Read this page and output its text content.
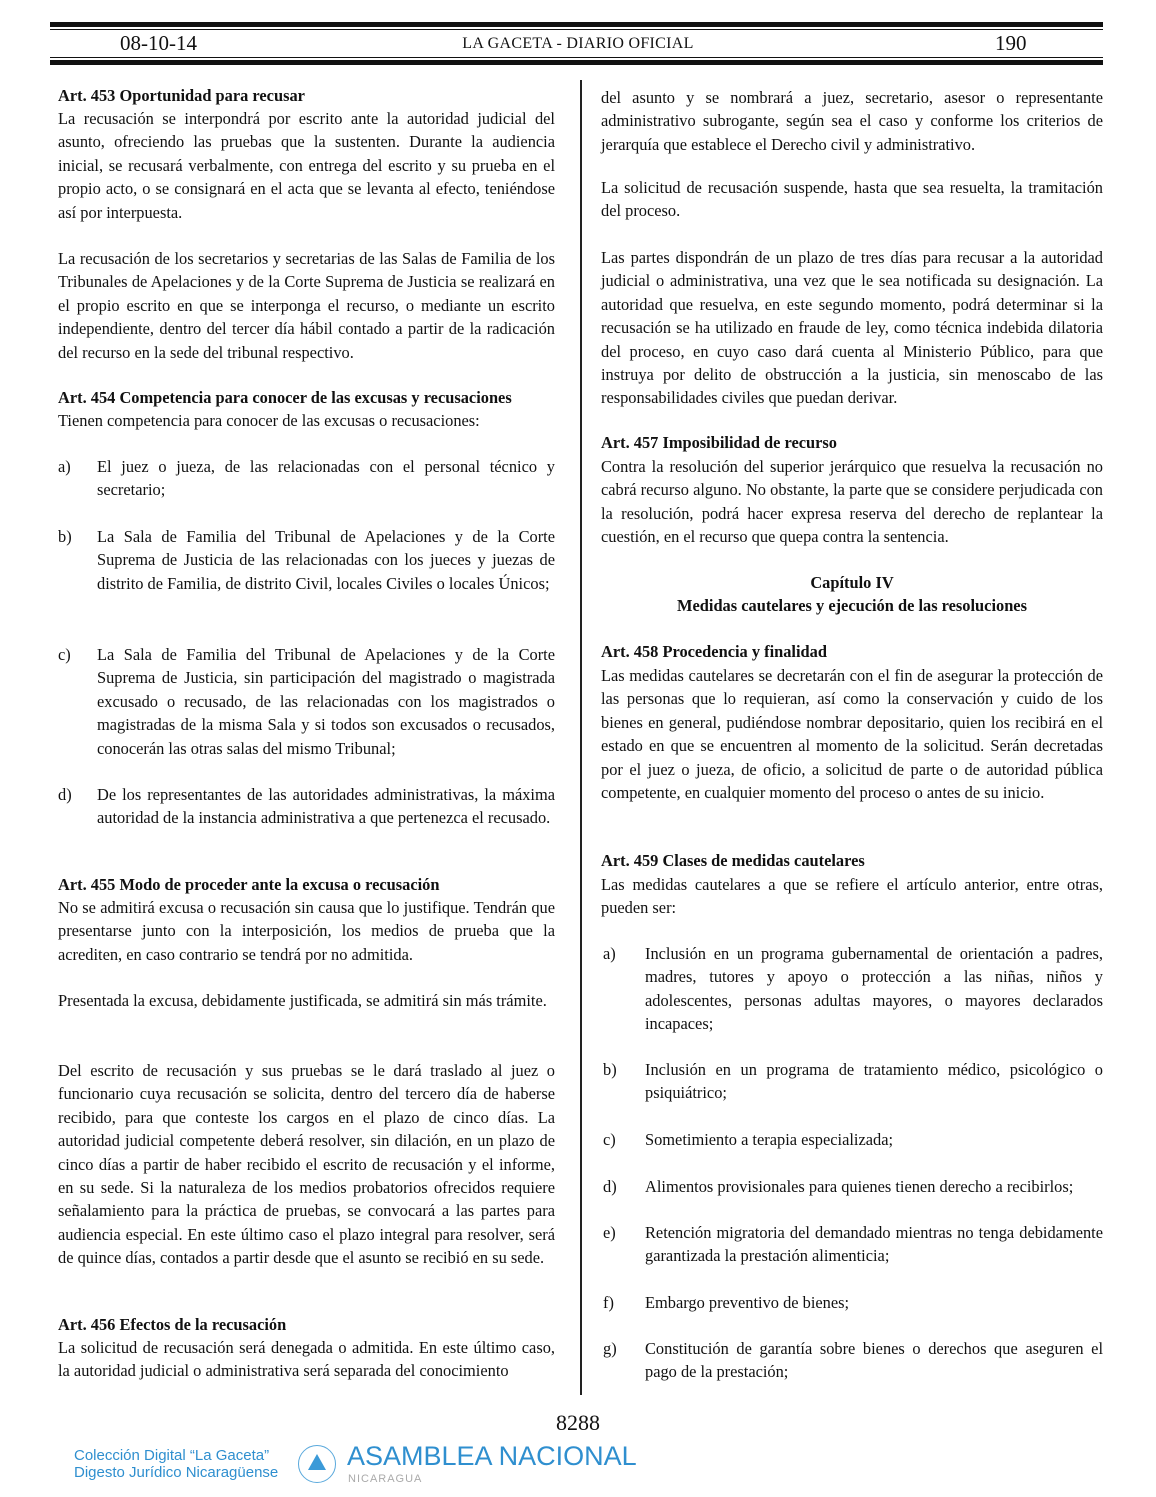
08-10-14	LA GACETA - DIARIO OFICIAL	190
Art. 453 Oportunidad para recusar
La recusación se interpondrá por escrito ante la autoridad judicial del asunto, ofreciendo las pruebas que la sustenten. Durante la audiencia inicial, se recusará verbalmente, con entrega del escrito y su prueba en el propio acto, o se consignará en el acta que se levanta al efecto, teniéndose así por interpuesta.
La recusación de los secretarios y secretarias de las Salas de Familia de los Tribunales de Apelaciones y de la Corte Suprema de Justicia se realizará en el propio escrito en que se interponga el recurso, o mediante un escrito independiente, dentro del tercer día hábil contado a partir de la radicación del recurso en la sede del tribunal respectivo.
Art. 454 Competencia para conocer de las excusas y recusaciones
Tienen competencia para conocer de las excusas o recusaciones:
a) El juez o jueza, de las relacionadas con el personal técnico y secretario;
b) La Sala de Familia del Tribunal de Apelaciones y de la Corte Suprema de Justicia de las relacionadas con los jueces y juezas de distrito de Familia, de distrito Civil, locales Civiles o locales Únicos;
c) La Sala de Familia del Tribunal de Apelaciones y de la Corte Suprema de Justicia, sin participación del magistrado o magistrada excusado o recusado, de las relacionadas con los magistrados o magistradas de la misma Sala y si todos son excusados o recusados, conocerán las otras salas del mismo Tribunal;
d) De los representantes de las autoridades administrativas, la máxima autoridad de la instancia administrativa a que pertenezca el recusado.
Art. 455 Modo de proceder ante la excusa o recusación
No se admitirá excusa o recusación sin causa que lo justifique. Tendrán que presentarse junto con la interposición, los medios de prueba que la acrediten, en caso contrario se tendrá por no admitida.
Presentada la excusa, debidamente justificada, se admitirá sin más trámite.
Del escrito de recusación y sus pruebas se le dará traslado al juez o funcionario cuya recusación se solicita, dentro del tercero día de haberse recibido, para que conteste los cargos en el plazo de cinco días. La autoridad judicial competente deberá resolver, sin dilación, en un plazo de cinco días a partir de haber recibido el escrito de recusación y el informe, en su sede. Si la naturaleza de los medios probatorios ofrecidos requiere señalamiento para la práctica de pruebas, se convocará a las partes para audiencia especial. En este último caso el plazo integral para resolver, será de quince días, contados a partir desde que el asunto se recibió en su sede.
Art. 456 Efectos de la recusación
La solicitud de recusación será denegada o admitida. En este último caso, la autoridad judicial o administrativa será separada del conocimiento
del asunto y se nombrará a juez, secretario, asesor o representante administrativo subrogante, según sea el caso y conforme los criterios de jerarquía que establece el Derecho civil y administrativo.
La solicitud de recusación suspende, hasta que sea resuelta, la tramitación del proceso.
Las partes dispondrán de un plazo de tres días para recusar a la autoridad judicial o administrativa, una vez que le sea notificada su designación. La autoridad que resuelva, en este segundo momento, podrá determinar si la recusación se ha utilizado en fraude de ley, como técnica indebida dilatoria del proceso, en cuyo caso dará cuenta al Ministerio Público, para que instruya por delito de obstrucción a la justicia, sin menoscabo de las responsabilidades civiles que puedan derivar.
Art. 457 Imposibilidad de recurso
Contra la resolución del superior jerárquico que resuelva la recusación no cabrá recurso alguno. No obstante, la parte que se considere perjudicada con la resolución, podrá hacer expresa reserva del derecho de replantear la cuestión, en el recurso que quepa contra la sentencia.
Capítulo IV
Medidas cautelares y ejecución de las resoluciones
Art. 458 Procedencia y finalidad
Las medidas cautelares se decretarán con el fin de asegurar la protección de las personas que lo requieran, así como la conservación y cuido de los bienes en general, pudiéndose nombrar depositario, quien los recibirá en el estado en que se encuentren al momento de la solicitud. Serán decretadas por el juez o jueza, de oficio, a solicitud de parte o de autoridad pública competente, en cualquier momento del proceso o antes de su inicio.
Art. 459 Clases de medidas cautelares
Las medidas cautelares a que se refiere el artículo anterior, entre otras, pueden ser:
a) Inclusión en un programa gubernamental de orientación a padres, madres, tutores y apoyo o protección a las niñas, niños y adolescentes, personas adultas mayores, o mayores declarados incapaces;
b) Inclusión en un programa de tratamiento médico, psicológico o psiquiátrico;
c) Sometimiento a terapia especializada;
d) Alimentos provisionales para quienes tienen derecho a recibirlos;
e) Retención migratoria del demandado mientras no tenga debidamente garantizada la prestación alimenticia;
f) Embargo preventivo de bienes;
g) Constitución de garantía sobre bienes o derechos que aseguren el pago de la prestación;
8288
Colección Digital “La Gaceta”
Digesto Jurídico Nicaragüense
ASAMBLEA NACIONAL
NICARAGUA
